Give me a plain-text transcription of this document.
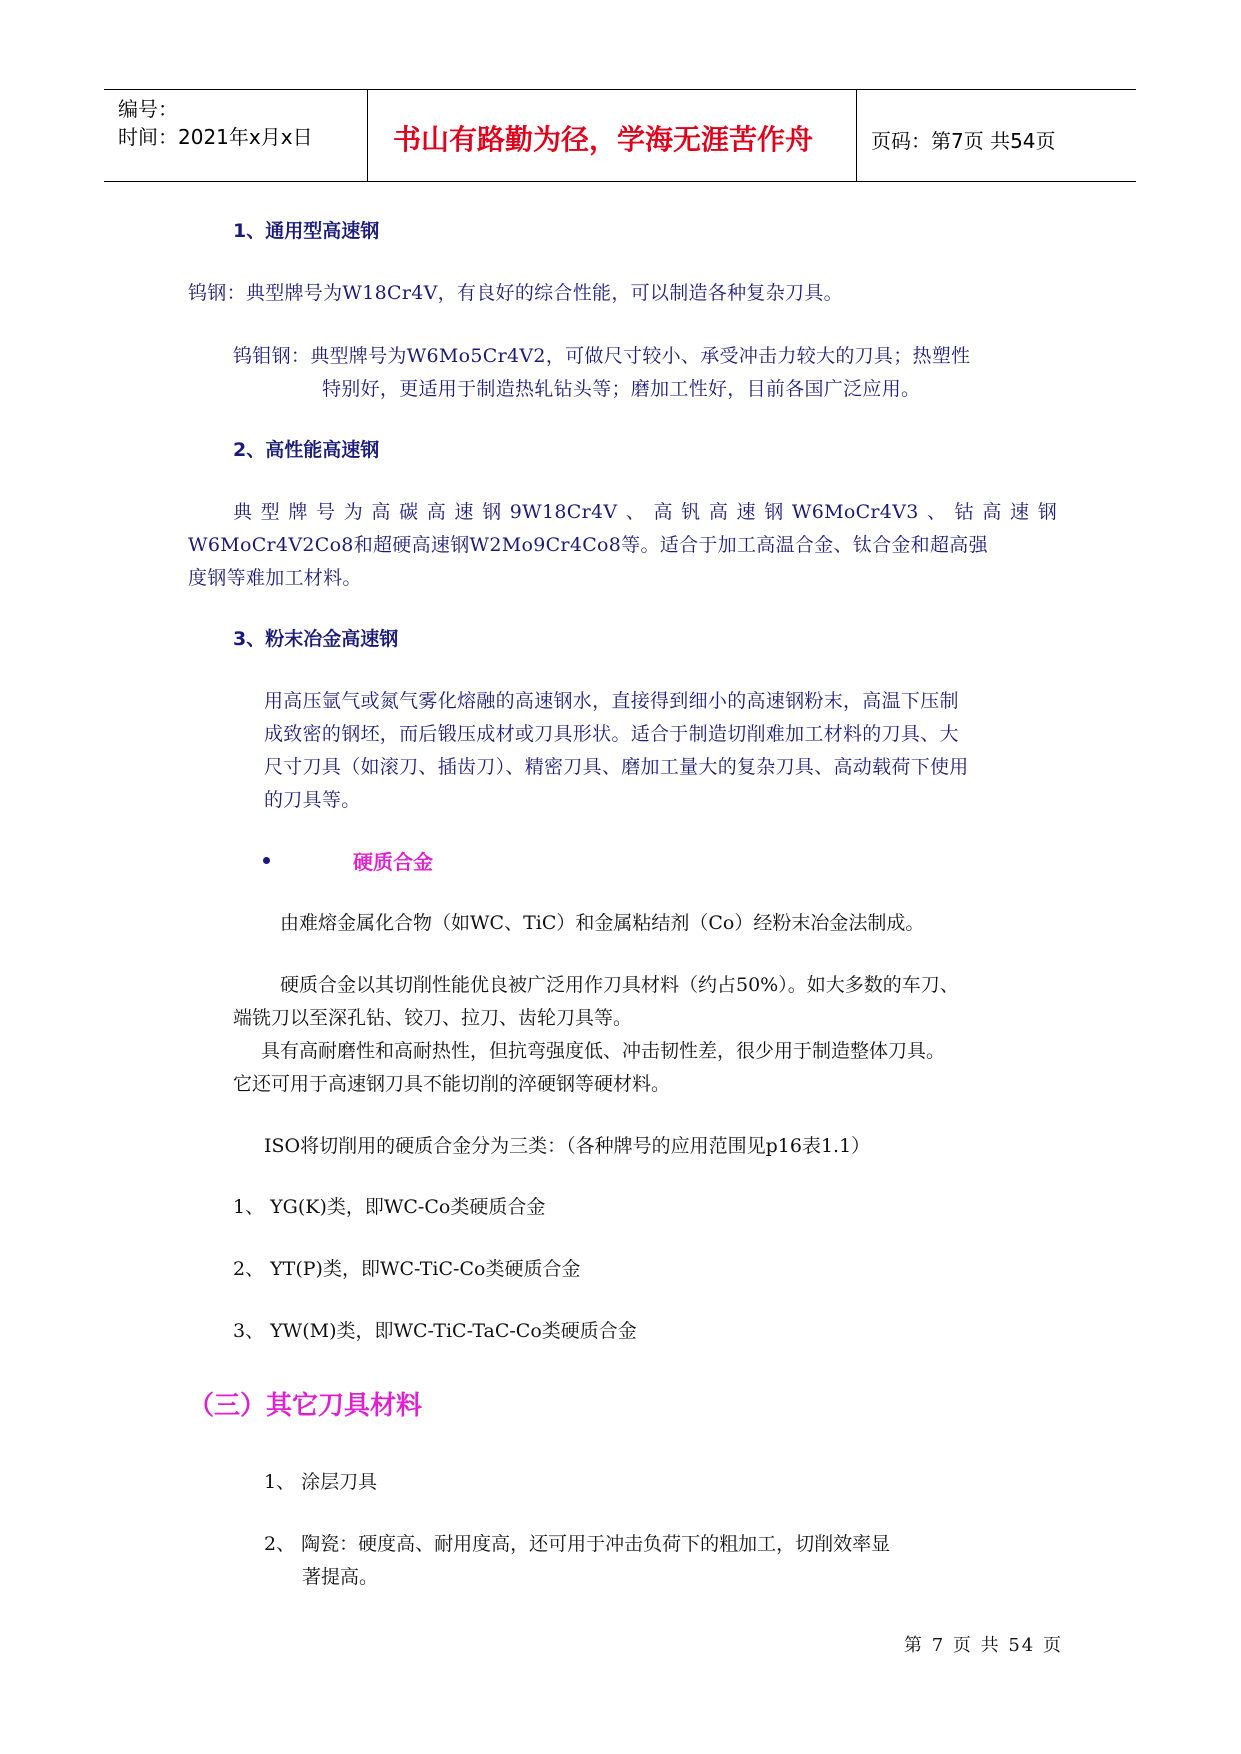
编号：

时间：2021年x月x日	书山有路勤为径，学海无涯苦作舟	页码：第7页 共54页

1、通用型高速钢

钨钢：典型牌号为W18Cr4V，有良好的综合性能，可以制造各种复杂刀具。

钨钼钢：典型牌号为W6Mo5Cr4V2，可做尺寸较小、承受冲击力较大的刀具；热塑性

特别好，更适用于制造热轧钻头等；磨加工性好，目前各国广泛应用。

2、高性能高速钢

典型牌号为高碳高速钢9W18Cr4V、高钒高速钢W6MoCr4V3、钴高速钢

W6MoCr4V2Co8和超硬高速钢W2Mo9Cr4Co8等。适合于加工高温合金、钛合金和超高强

度钢等难加工材料。

3、粉末冶金高速钢

用高压氩气或氮气雾化熔融的高速钢水，直接得到细小的高速钢粉末，高温下压制

成致密的钢坯，而后锻压成材或刀具形状。适合于制造切削难加工材料的刀具、大

尺寸刀具（如滚刀、插齿刀）、精密刀具、磨加工量大的复杂刀具、高动载荷下使用

的刀具等。

硬质合金

由难熔金属化合物（如WC、TiC）和金属粘结剂（Co）经粉末冶金法制成。

硬质合金以其切削性能优良被广泛用作刀具材料（约占50%）。如大多数的车刀、

端铣刀以至深孔钻、铰刀、拉刀、齿轮刀具等。

具有高耐磨性和高耐热性，但抗弯强度低、冲击韧性差，很少用于制造整体刀具。

它还可用于高速钢刀具不能切削的淬硬钢等硬材料。

ISO将切削用的硬质合金分为三类：（各种牌号的应用范围见p16表1.1）

1、 YG(K)类，即WC-Co类硬质合金

2、 YT(P)类，即WC-TiC-Co类硬质合金

3、 YW(M)类，即WC-TiC-TaC-Co类硬质合金

（三）其它刀具材料

1、 涂层刀具

2、 陶瓷：硬度高、耐用度高，还可用于冲击负荷下的粗加工，切削效率显

著提高。

第 7 页 共 54 页
